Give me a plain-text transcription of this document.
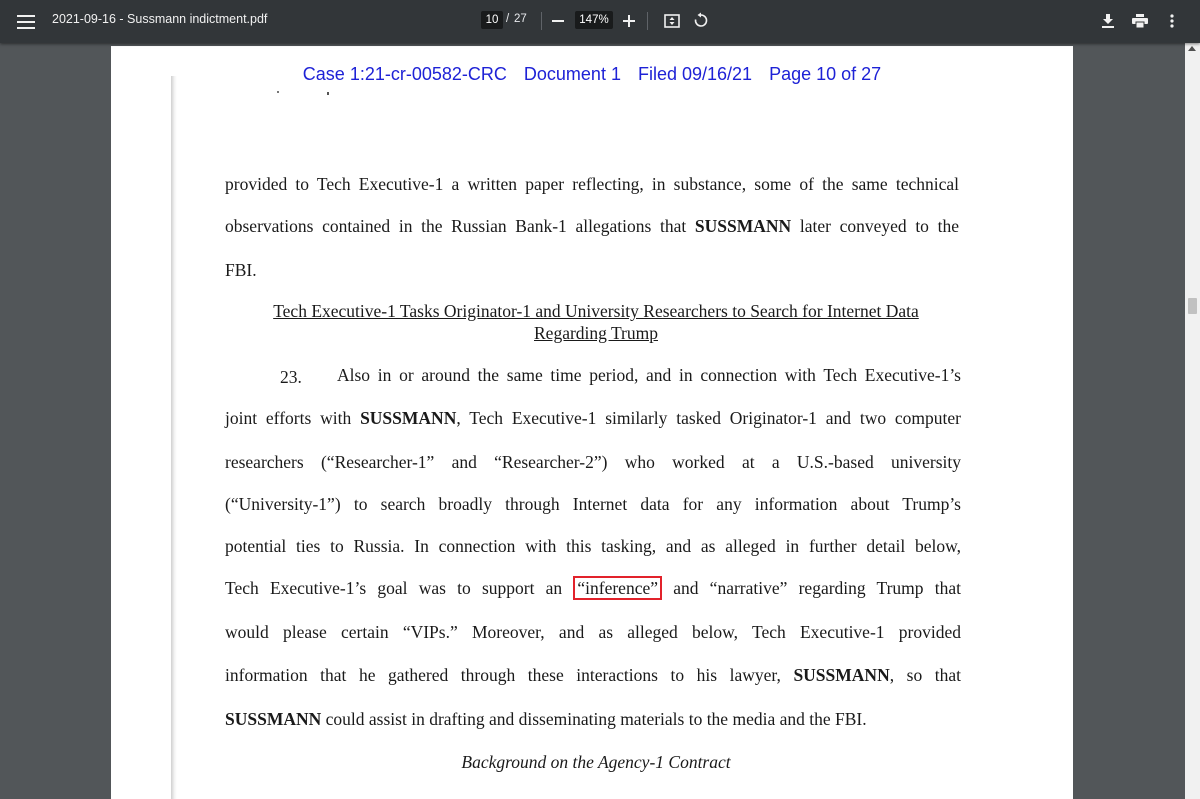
2021-09-16 - Sussmann indictment.pdf	10 / 27	147%
Case 1:21-cr-00582-CRC Document 1 Filed 09/16/21 Page 10 of 27
provided to Tech Executive-1 a written paper reflecting, in substance, some of the same technical
observations contained in the Russian Bank-1 allegations that SUSSMANN later conveyed to the
FBI.
Tech Executive-1 Tasks Originator-1 and University Researchers to Search for Internet Data
Regarding Trump
23. Also in or around the same time period, and in connection with Tech Executive-1’s
joint efforts with SUSSMANN, Tech Executive-1 similarly tasked Originator-1 and two computer
researchers (“Researcher-1” and “Researcher-2”) who worked at a U.S.-based university
(“University-1”) to search broadly through Internet data for any information about Trump’s
potential ties to Russia. In connection with this tasking, and as alleged in further detail below,
Tech Executive-1’s goal was to support an “inference” and “narrative” regarding Trump that
would please certain “VIPs.” Moreover, and as alleged below, Tech Executive-1 provided
information that he gathered through these interactions to his lawyer, SUSSMANN, so that
SUSSMANN could assist in drafting and disseminating materials to the media and the FBI.
Background on the Agency-1 Contract
